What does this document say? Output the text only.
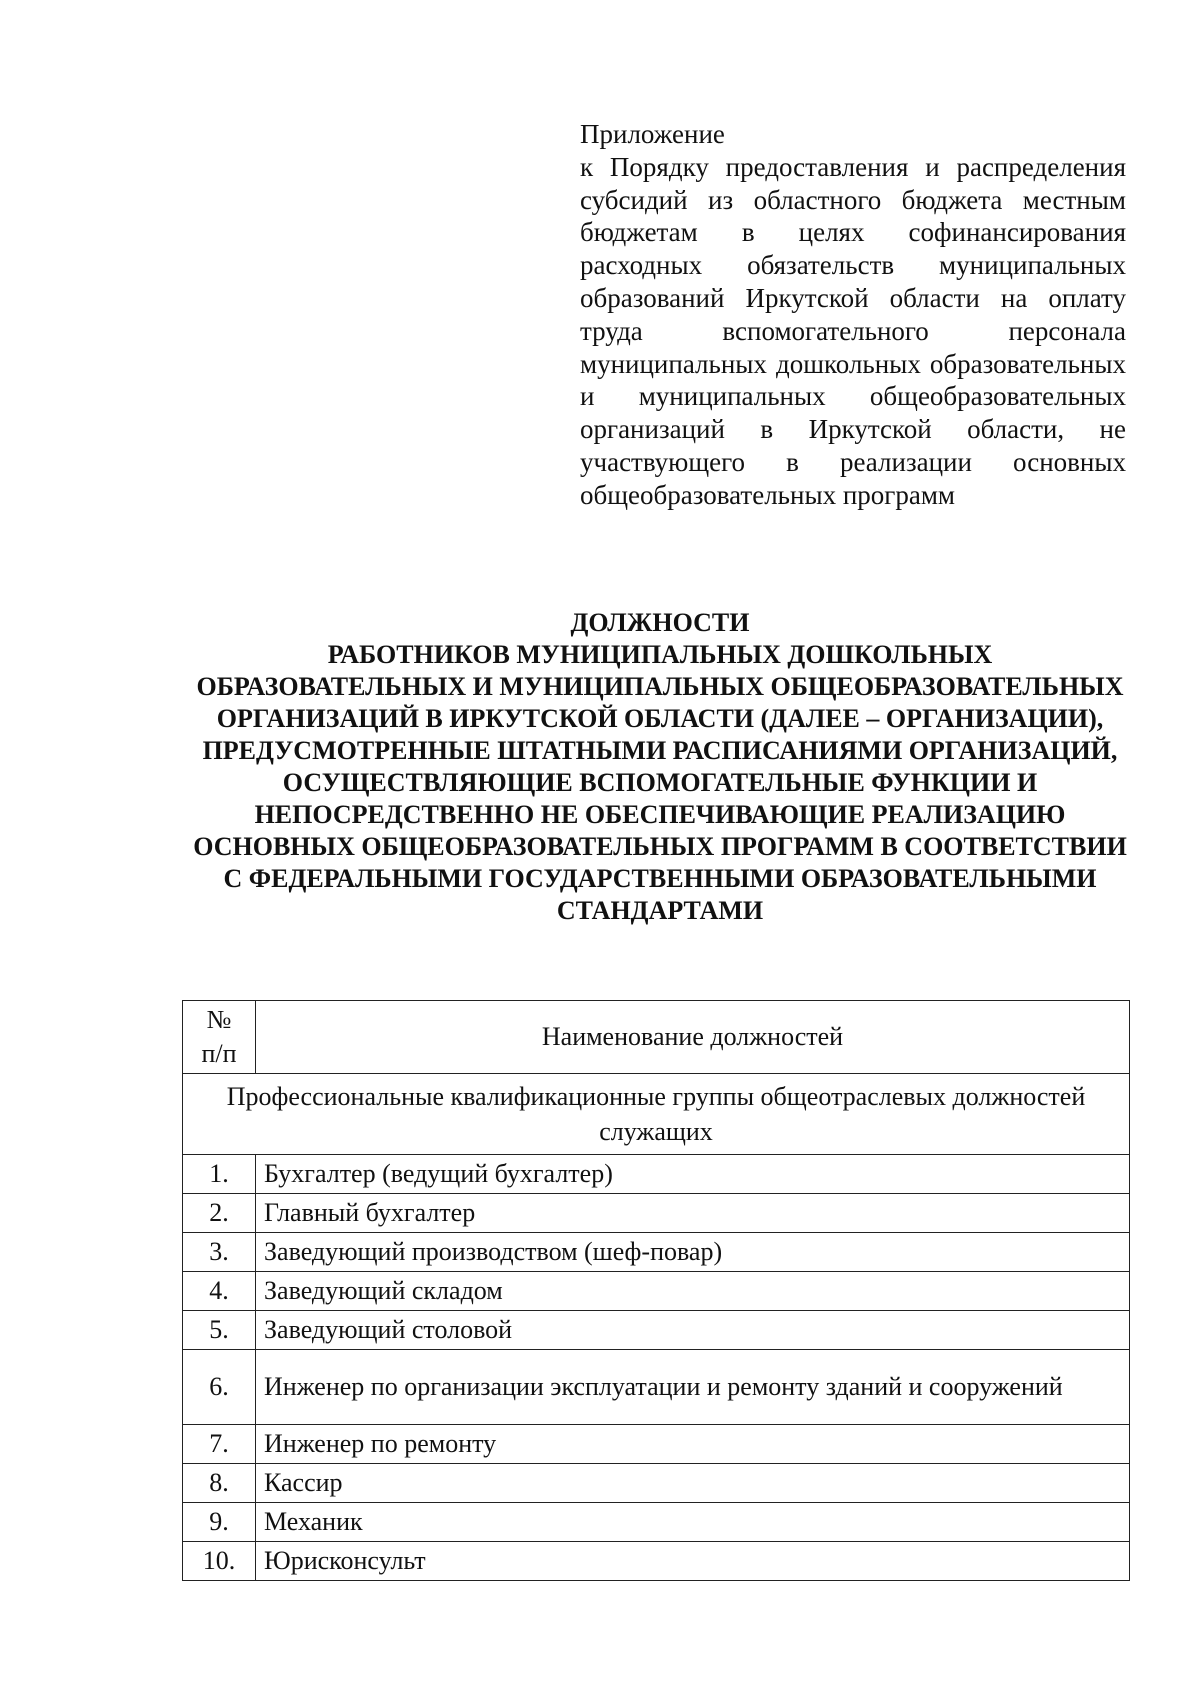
Приложение
к Порядку предоставления и распределения субсидий из областного бюджета местным бюджетам в целях софинансирования расходных обязательств муниципальных образований Иркутской области на оплату труда вспомогательного персонала муниципальных дошкольных образовательных и муниципальных общеобразовательных организаций в Иркутской области, не участвующего в реализации основных общеобразовательных программ
ДОЛЖНОСТИ
РАБОТНИКОВ МУНИЦИПАЛЬНЫХ ДОШКОЛЬНЫХ ОБРАЗОВАТЕЛЬНЫХ И МУНИЦИПАЛЬНЫХ ОБЩЕОБРАЗОВАТЕЛЬНЫХ ОРГАНИЗАЦИЙ В ИРКУТСКОЙ ОБЛАСТИ (ДАЛЕЕ – ОРГАНИЗАЦИИ), ПРЕДУСМОТРЕННЫЕ ШТАТНЫМИ РАСПИСАНИЯМИ ОРГАНИЗАЦИЙ, ОСУЩЕСТВЛЯЮЩИЕ ВСПОМОГАТЕЛЬНЫЕ ФУНКЦИИ И НЕПОСРЕДСТВЕННО НЕ ОБЕСПЕЧИВАЮЩИЕ РЕАЛИЗАЦИЮ ОСНОВНЫХ ОБЩЕОБРАЗОВАТЕЛЬНЫХ ПРОГРАММ В СООТВЕТСТВИИ С ФЕДЕРАЛЬНЫМИ ГОСУДАРСТВЕННЫМИ ОБРАЗОВАТЕЛЬНЫМИ СТАНДАРТАМИ
№
п/п	Наименование должностей
Профессиональные квалификационные группы общеотраслевых должностей служащих	
1.	Бухгалтер (ведущий бухгалтер)
2.	Главный бухгалтер
3.	Заведующий производством (шеф-повар)
4.	Заведующий складом
5.	Заведующий столовой
6.	Инженер по организации эксплуатации и ремонту зданий и сооружений
7.	Инженер по ремонту
8.	Кассир
9.	Механик
10.	Юрисконсульт
